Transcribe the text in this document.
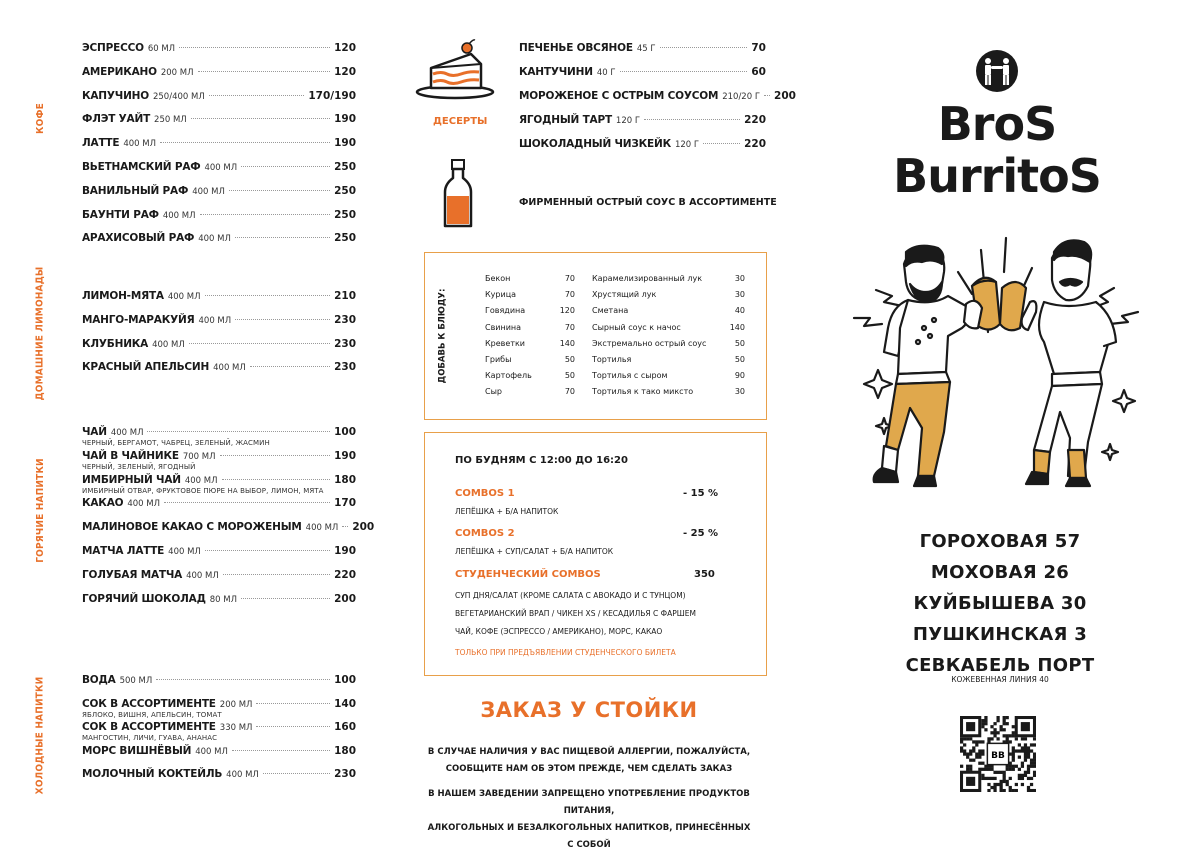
КОФЕ
ДОМАШНИЕ ЛИМОНАДЫ
ГОРЯЧИЕ НАПИТКИ
ХОЛОДНЫЕ НАПИТКИ
ЭСПРЕССО 60 МЛ	120
АМЕРИКАНО 200 МЛ	120
КАПУЧИНО 250/400 МЛ	170/190
ФЛЭТ УАЙТ 250 МЛ	190
ЛАТТЕ 400 МЛ	190
ВЬЕТНАМСКИЙ РАФ 400 МЛ	250
ВАНИЛЬНЫЙ РАФ 400 МЛ	250
БАУНТИ РАФ 400 МЛ	250
АРАХИСОВЫЙ РАФ 400 МЛ	250
ЛИМОН-МЯТА 400 МЛ	210
МАНГО-МАРАКУЙЯ 400 МЛ	230
КЛУБНИКА 400 МЛ	230
КРАСНЫЙ АПЕЛЬСИН 400 МЛ	230
ЧАЙ 400 МЛ	100
ЧЕРНЫЙ, БЕРГАМОТ, ЧАБРЕЦ, ЗЕЛЕНЫЙ, ЖАСМИН
ЧАЙ В ЧАЙНИКЕ 700 МЛ	190
ЧЕРНЫЙ, ЗЕЛЕНЫЙ, ЯГОДНЫЙ
ИМБИРНЫЙ ЧАЙ 400 МЛ	180
ИМБИРНЫЙ ОТВАР, ФРУКТОВОЕ ПЮРЕ НА ВЫБОР, ЛИМОН, МЯТА
КАКАО 400 МЛ	170
МАЛИНОВОЕ КАКАО С МОРОЖЕНЫМ 400 МЛ 200
МАТЧА ЛАТТЕ 400 МЛ	190
ГОЛУБАЯ МАТЧА 400 МЛ	220
ГОРЯЧИЙ ШОКОЛАД 80 МЛ	200
ВОДА 500 МЛ	100
СОК В АССОРТИМЕНТЕ 200 МЛ	140
ЯБЛОКО, ВИШНЯ, АПЕЛЬСИН, ТОМАТ
СОК В АССОРТИМЕНТЕ 330 МЛ	160
МАНГОСТИН, ЛИЧИ, ГУАВА, АНАНАС
МОРС ВИШНЁВЫЙ 400 МЛ	180
МОЛОЧНЫЙ КОКТЕЙЛЬ 400 МЛ	230
ДЕСЕРТЫ
ПЕЧЕНЬЕ ОВСЯНОЕ 45 Г	70
КАНТУЧИНИ 40 Г	60
МОРОЖЕНОЕ С ОСТРЫМ СОУСОМ 210/20 Г 200
ЯГОДНЫЙ ТАРТ 120 Г	220
ШОКОЛАДНЫЙ ЧИЗКЕЙК 120 Г	220
ФИРМЕННЫЙ ОСТРЫЙ СОУС В АССОРТИМЕНТЕ
ДОБАВЬ К БЛЮДУ:
Бекон	70
Курица	70
Говядина	120
Свинина	70
Креветки	140
Грибы	50
Картофель	50
Сыр	70
Карамелизированный лук	30
Хрустящий лук	30
Сметана	40
Сырный соус к начос	140
Экстремально острый соус	50
Тортилья	50
Тортилья с сыром	90
Тортилья к тако миксто	30
ПО БУДНЯМ С 12:00 ДО 16:20
COMBOS 1	- 15 %
ЛЕПЁШКА + Б/А НАПИТОК
COMBOS 2	- 25 %
ЛЕПЁШКА + СУП/САЛАТ + Б/А НАПИТОК
СТУДЕНЧЕСКИЙ COMBOS	350
СУП ДНЯ/САЛАТ (КРОМЕ САЛАТА С АВОКАДО И С ТУНЦОМ)
ВЕГЕТАРИАНСКИЙ ВРАП / ЧИКЕН XS / КЕСАДИЛЬЯ С ФАРШЕМ
ЧАЙ, КОФЕ (ЭСПРЕССО / АМЕРИКАНО), МОРС, КАКАО
ТОЛЬКО ПРИ ПРЕДЪЯВЛЕНИИ СТУДЕНЧЕСКОГО БИЛЕТА
ЗАКАЗ У СТОЙКИ
В СЛУЧАЕ НАЛИЧИЯ У ВАС ПИЩЕВОЙ АЛЛЕРГИИ, ПОЖАЛУЙСТА,
СООБЩИТЕ НАМ ОБ ЭТОМ ПРЕЖДЕ, ЧЕМ СДЕЛАТЬ ЗАКАЗ
В НАШЕМ ЗАВЕДЕНИИ ЗАПРЕЩЕНО УПОТРЕБЛЕНИЕ ПРОДУКТОВ ПИТАНИЯ,
АЛКОГОЛЬНЫХ И БЕЗАЛКОГОЛЬНЫХ НАПИТКОВ, ПРИНЕСЁННЫХ С СОБОЙ
BroS
BurritoS
ГОРОХОВАЯ 57
МОХОВАЯ 26
КУЙБЫШЕВА 30
ПУШКИНСКАЯ 3
СЕВКАБЕЛЬ ПОРТ
КОЖЕВЕННАЯ ЛИНИЯ 40
BB
